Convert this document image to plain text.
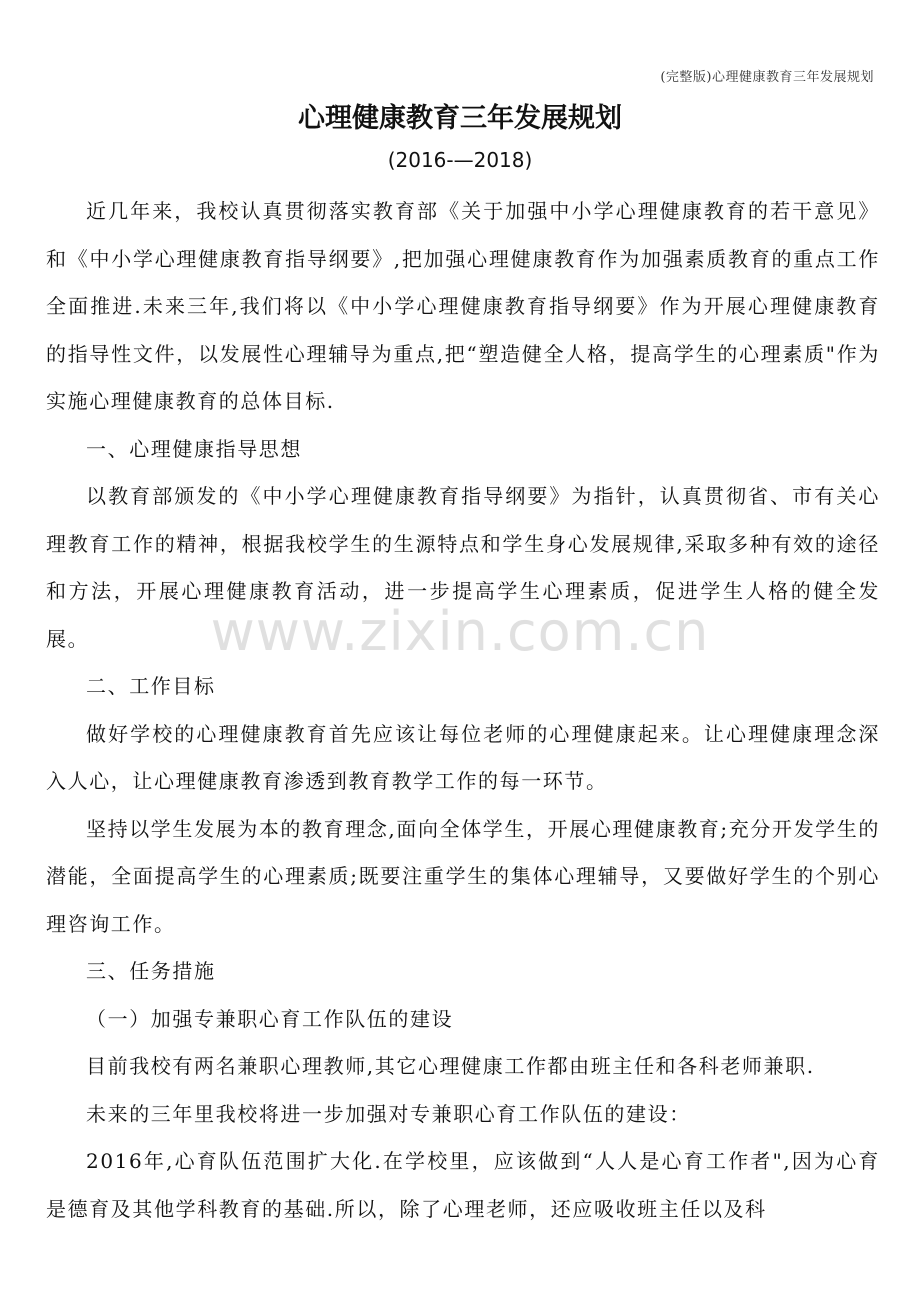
(完整版)心理健康教育三年发展规划
心理健康教育三年发展规划
(2016-—2018)

近几年来，我校认真贯彻落实教育部《关于加强中小学心理健康教育的若干意见》和《中小学心理健康教育指导纲要》,把加强心理健康教育作为加强素质教育的重点工作全面推进.未来三年,我们将以《中小学心理健康教育指导纲要》作为开展心理健康教育的指导性文件，以发展性心理辅导为重点,把“塑造健全人格，提高学生的心理素质"作为实施心理健康教育的总体目标.

一、心理健康指导思想

以教育部颁发的《中小学心理健康教育指导纲要》为指针，认真贯彻省、市有关心理教育工作的精神，根据我校学生的生源特点和学生身心发展规律,采取多种有效的途径和方法，开展心理健康教育活动，进一步提高学生心理素质，促进学生人格的健全发展。

二、工作目标

做好学校的心理健康教育首先应该让每位老师的心理健康起来。让心理健康理念深入人心，让心理健康教育渗透到教育教学工作的每一环节。

坚持以学生发展为本的教育理念,面向全体学生，开展心理健康教育;充分开发学生的潜能，全面提高学生的心理素质;既要注重学生的集体心理辅导，又要做好学生的个别心理咨询工作。

三、任务措施

（一）加强专兼职心育工作队伍的建设

目前我校有两名兼职心理教师,其它心理健康工作都由班主任和各科老师兼职.

未来的三年里我校将进一步加强对专兼职心育工作队伍的建设：

2016年,心育队伍范围扩大化.在学校里，应该做到“人人是心育工作者",因为心育是德育及其他学科教育的基础.所以，除了心理老师，还应吸收班主任以及科

www.zixin.com.cn
